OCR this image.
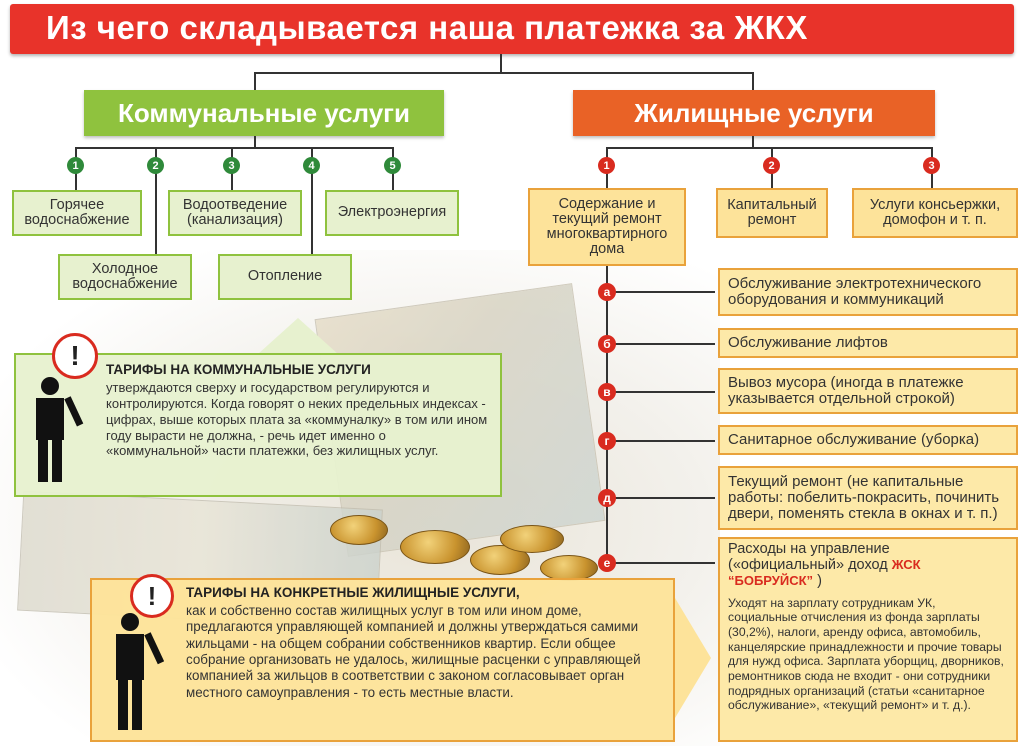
Из чего складывается наша платежка за ЖКХ
Коммунальные услуги	Жилищные услуги
1	2	3	4	5
Горячее водоснабжение
Холодное водоснабжение
Водоотведение (канализация)
Отопление
Электроэнергия
1	2	3
Содержание и текущий ремонт многоквартирного дома
Капитальный ремонт
Услуги консьержки, домофон и т. п.
а
б
в
г
д
е
Обслуживание электротехнического оборудования и коммуникаций
Обслуживание лифтов
Вывоз мусора (иногда в платежке указывается отдельной строкой)
Санитарное обслуживание (уборка)
Текущий ремонт (не капитальные работы: побелить-покрасить, починить двери, поменять стекла в окнах и т. п.)
Расходы на управление («официальный» доход ЖСК “БОБРУЙСК” )
Уходят на зарплату сотрудникам УК, социальные отчисления из фонда зарплаты (30,2%), налоги, аренду офиса, автомобиль, канцелярские принадлежности и прочие товары для нужд офиса. Зарплата уборщиц, дворников, ремонтников сюда не входит - они сотрудники подрядных организаций (статьи «санитарное обслуживание», «текущий ремонт» и т. д.).
!	ТАРИФЫ НА КОММУНАЛЬНЫЕ УСЛУГИ
утверждаются сверху и государством регулируются и контролируются. Когда говорят о неких предельных индексах - цифрах, выше которых плата за «коммуналку» в том или ином году вырасти не должна, - речь идет именно о «коммунальной» части платежки, без жилищных услуг.
!	ТАРИФЫ НА КОНКРЕТНЫЕ ЖИЛИЩНЫЕ УСЛУГИ,
как и собственно состав жилищных услуг в том или ином доме, предлагаются управляющей компанией и должны утверждаться самими жильцами - на общем собрании собственников квартир. Если общее собрание организовать не удалось, жилищные расценки с управляющей компанией за жильцов в соответствии с законом согласовывает орган местного самоуправления - то есть местные власти.
